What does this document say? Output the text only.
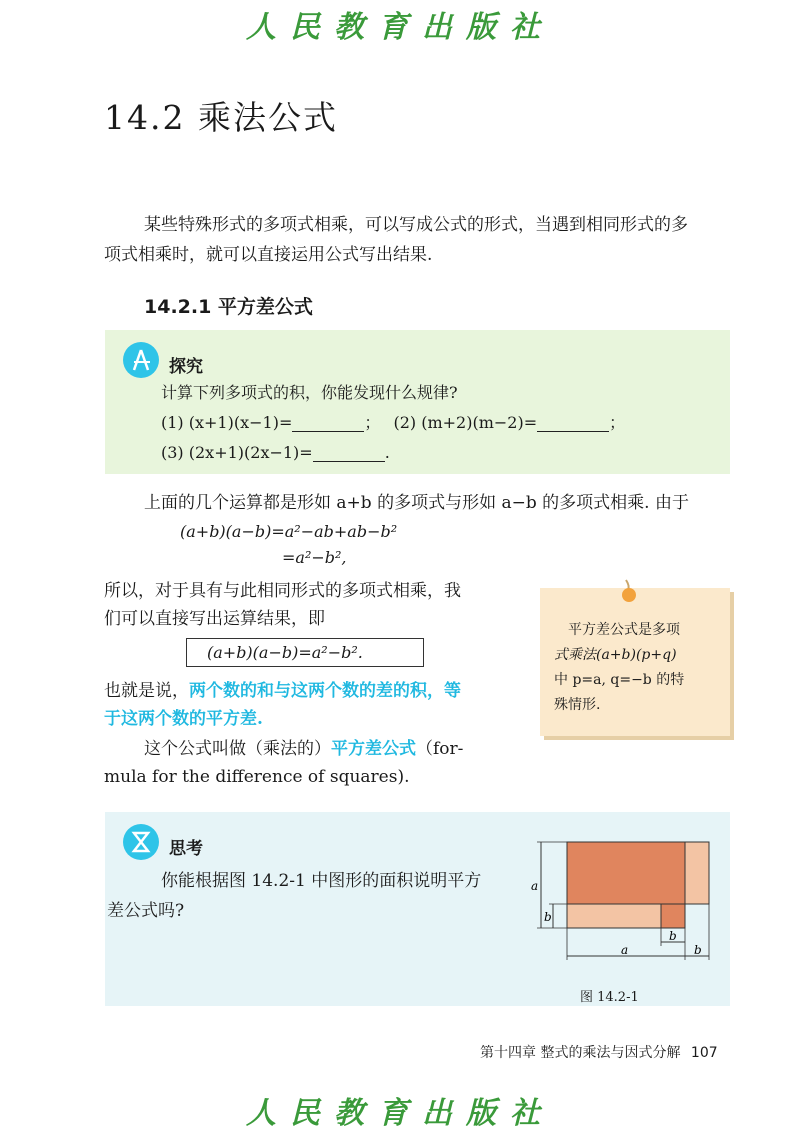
人民教育出版社
14.2 乘法公式
某些特殊形式的多项式相乘，可以写成公式的形式，当遇到相同形式的多
项式相乘时，就可以直接运用公式写出结果.
14.2.1 平方差公式
探究
计算下列多项式的积，你能发现什么规律?
(1) (x+1)(x−1)=	； (2) (m+2)(m−2)=	；
(3) (2x+1)(2x−1)=	.
上面的几个运算都是形如 a+b 的多项式与形如 a−b 的多项式相乘. 由于
(a+b)(a−b)=a²−ab+ab−b²
=a²−b²,
所以，对于具有与此相同形式的多项式相乘，我
们可以直接写出运算结果，即
(a+b)(a−b)=a²−b².
也就是说，两个数的和与这两个数的差的积，等
于这两个数的平方差.
这个公式叫做（乘法的）平方差公式（for-
mula for the difference of squares).
平方差公式是多项
式乘法(a+b)(p+q)
中 p=a, q=−b 的特
殊情形.
思考
你能根据图 14.2-1 中图形的面积说明平方
差公式吗?
a
b
a
b
b
图 14.2-1
第十四章 整式的乘法与因式分解 107
人民教育出版社
